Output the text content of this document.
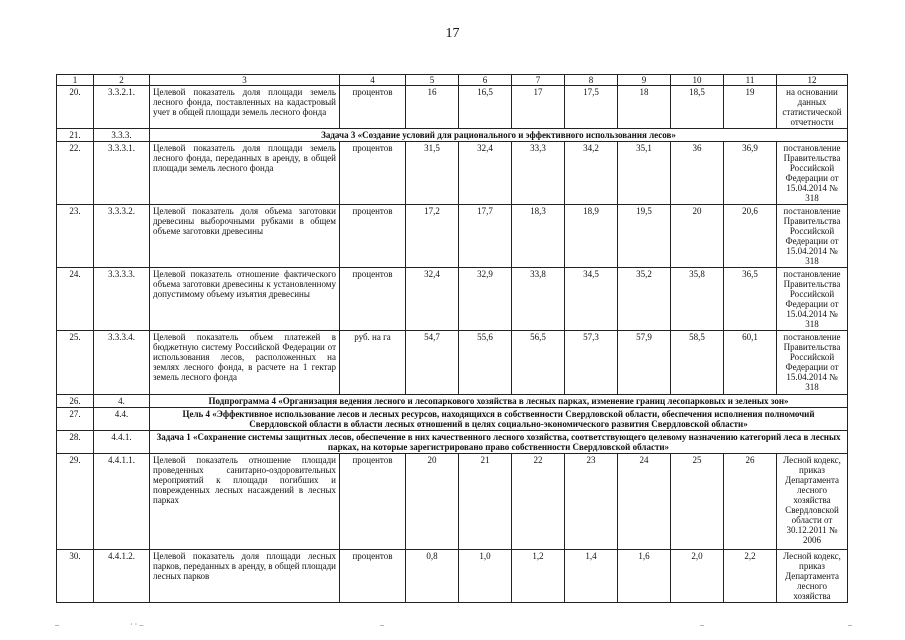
17
1	2	3	4	5	6	7	8	9	10	11	12
20.	3.3.2.1.	Целевой показатель доля площади земель лесного фонда, поставленных на кадастровый учет в общей площади земель лесного фонда	процентов	16	16,5	17	17,5	18	18,5	19	на основании данных статистической отчетности
21.	3.3.3.	Задача 3 «Создание условий для рационального и эффективного использования лесов»									
22.	3.3.3.1.	Целевой показатель доля площади земель лесного фонда, переданных в аренду, в общей площади земель лесного фонда	процентов	31,5	32,4	33,3	34,2	35,1	36	36,9	постановление Правительства Российской Федерации от 15.04.2014 № 318
23.	3.3.3.2.	Целевой показатель доля объема заготовки древесины выборочными рубками в общем объеме заготовки древесины	процентов	17,2	17,7	18,3	18,9	19,5	20	20,6	постановление Правительства Российской Федерации от 15.04.2014 № 318
24.	3.3.3.3.	Целевой показатель отношение фактического объема заготовки древесины к установленному допустимому объему изъятия древесины	процентов	32,4	32,9	33,8	34,5	35,2	35,8	36,5	постановление Правительства Российской Федерации от 15.04.2014 № 318
25.	3.3.3.4.	Целевой показатель объем платежей в бюджетную систему Российской Федерации от использования лесов, расположенных на землях лесного фонда, в расчете на 1 гектар земель лесного фонда	руб. на га	54,7	55,6	56,5	57,3	57,9	58,5	60,1	постановление Правительства Российской Федерации от 15.04.2014 № 318
26.	4.	Подпрограмма 4 «Организация ведения лесного и лесопаркового хозяйства в лесных парках, изменение границ лесопарковых и зеленых зон»									
27.	4.4.	Цель 4 «Эффективное использование лесов и лесных ресурсов, находящихся в собственности Свердловской области, обеспечения исполнения полномочий Свердловской области в области лесных отношений в целях социально-экономического развития Свердловской области»									
28.	4.4.1.	Задача 1 «Сохранение системы защитных лесов, обеспечение в них качественного лесного хозяйства, соответствующего целевому назначению категорий леса в лесных парках, на которые зарегистрировано право собственности Свердловской области»									
29.	4.4.1.1.	Целевой показатель отношение площади проведенных санитарно-оздоровительных мероприятий к площади погибших и поврежденных лесных насаждений в лесных парках	процентов	20	21	22	23	24	25	26	Лесной кодекс, приказ Департамента лесного хозяйства Свердловской области от 30.12.2011 № 2006
30.	4.4.1.2.	Целевой показатель доля площади лесных парков, переданных в аренду, в общей площади лесных парков	процентов	0,8	1,0	1,2	1,4	1,6	2,0	2,2	Лесной кодекс, приказ Департамента лесного хозяйства
–	· · –	–	–	–
